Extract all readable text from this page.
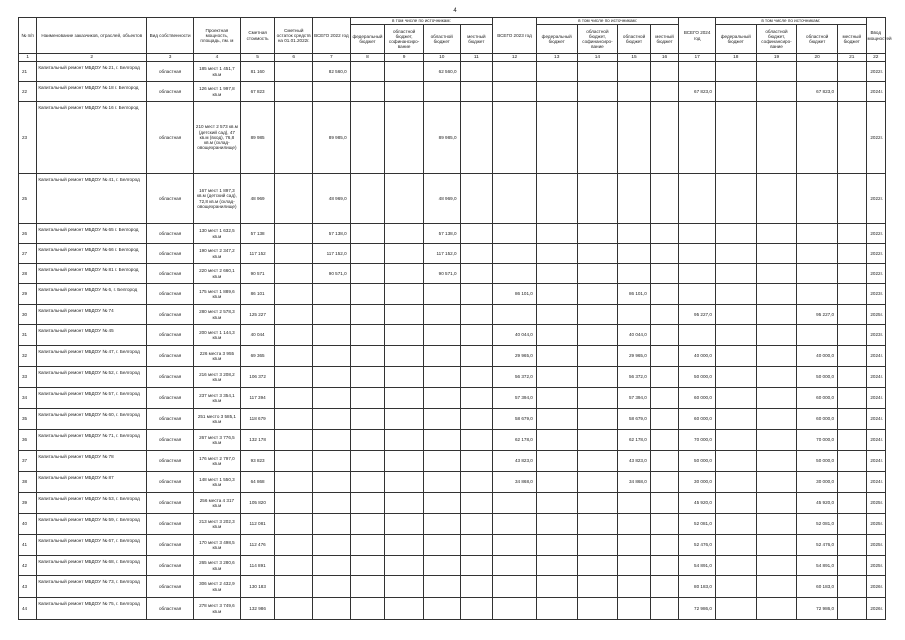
4
№ п/п	Наименование заказчиков, отраслей, объектов	Вид собственности	Проектная мощность, площадь, пм. м	Сметная стоимость	Сметный остаток средств на 01.01.2022г.	ВСЕГО 2022 год	в том числе по источникам:				ВСЕГО 2023 год	в том числе по источникам:				ВСЕГО 2024 год	в том числе по источникам:				Ввод мощностей
							федеральный бюджет	областной бюджет, софинансиро-вание	областной бюджет	местный бюджет		федеральный бюджет	областной бюджет, софинансиро-вание	областной бюджет	местный бюджет		федеральный бюджет	областной бюджет, софинансиро-вание	областной бюджет	местный бюджет	
1	2	3	4	5	6	7	8	9	10	11	12	13	14	15	16	17	18	19	20	21	22
21	Капитальный ремонт МБДОУ № 21, г. Белгород	областная	185 мест 1 451,7 кв.м	81 160		82 560,0			62 560,0												2022г.
22	Капитальный ремонт МБДОУ № 18 г. Белгород	областная	126 мест 1 997,8 кв.м	67 823												67 823,0			67 823,0		2024г.
23	Капитальный ремонт МБДОУ № 16 г. Белгород	областная	210 мест 2 573 кв.м (детский сад), 47 кв.м (вход), 76,8 кв.м (склад-овощехранилище)	89 985		89 985,0			89 985,0												2022г.
25	Капитальный ремонт МБДОУ № 41, г. Белгород	областная	167 мест 1 897,3 кв.м (детский сад), 72,8 кв.м (склад-овощехранилище)	48 969		48 969,0			48 969,0												2022г.
26	Капитальный ремонт МБДОУ № 65 г. Белгород	областная	130 мест 1 632,5 кв.м	57 138		57 138,0			57 138,0												2022г.
27	Капитальный ремонт МБДОУ № 66 г. Белгород	областная	190 мест 2 347,2 кв.м	117 152		117 152,0			117 152,0												2022г.
28	Капитальный ремонт МБДОУ № 81 г. Белгород	областная	220 мест 2 660,1 кв.м	90 571		90 571,0			90 571,0												2022г.
29	Капитальный ремонт МБДОУ № 6, г. Белгород	областная	175 мест 1 889,6 кв.м	86 101							86 101,0			86 101,0							2023г.
30	Капитальный ремонт МБДОУ № 74	областная	280 мест 2 578,3 кв.м	125 227												95 227,0			95 227,0		2025г.
31	Капитальный ремонт МБДОУ № 45	областная	200 мест 1 144,3 кв.м	40 044							40 044,0			40 044,0							2023г.
32	Капитальный ремонт МБДОУ № 47, г. Белгород	областная	226 места 3 955 кв.м	69 365							29 965,0			29 965,0		40 000,0			40 000,0		2024г.
33	Капитальный ремонт МБДОУ № 52, г. Белгород	областная	216 мест 3 208,2 кв.м	106 372							56 372,0			56 372,0		50 000,0			50 000,0		2024г.
34	Капитальный ремонт МБДОУ № 57, г. Белгород	областная	237 мест 3 354,1 кв.м	117 394							57 394,0			57 394,0		60 000,0			60 000,0		2024г.
35	Капитальный ремонт МБДОУ № 60, г. Белгород	областная	251 место 3 585,1 кв.м	118 679							58 679,0			58 679,0		60 000,0			60 000,0		2024г.
36	Капитальный ремонт МБДОУ № 71, г. Белгород	областная	267 мест 3 776,5 кв.м	132 178							62 178,0			62 178,0		70 000,0			70 000,0		2024г.
37	Капитальный ремонт МБДОУ № 78	областная	176 мест 2 797,0 кв.м	93 823							43 823,0			43 823,0		50 000,0			50 000,0		2024г.
38	Капитальный ремонт МБДОУ № 87	областная	148 мест 1 550,3 кв.м	64 868							34 868,0			34 868,0		30 000,0			30 000,0		2024г.
39	Капитальный ремонт МБДОУ № 53, г. Белгород	областная	256 места 4 317 кв.м	105 820												45 920,0			45 920,0		2025г.
40	Капитальный ремонт МБДОУ № 59, г. Белгород	областная	213 мест 3 202,3 кв.м	112 081												52 081,0			52 081,0		2025г.
41	Капитальный ремонт МБДОУ № 67, г. Белгород	областная	170 мест 3 498,5 кв.м	112 476												52 476,0			52 476,0		2025г.
42	Капитальный ремонт МБДОУ № 68, г. Белгород	областная	265 мест 3 280,6 кв.м	114 891												54 891,0			54 891,0		2025г.
43	Капитальный ремонт МБДОУ № 73, г. Белгород	областная	306 мест 2 432,9 кв.м	130 183												80 183,0			60 183,0		2026г.
44	Капитальный ремонт МБДОУ № 75, г. Белгород	областная	278 мест 3 749,6 кв.м	132 986												72 986,0			72 986,0		2026г.
